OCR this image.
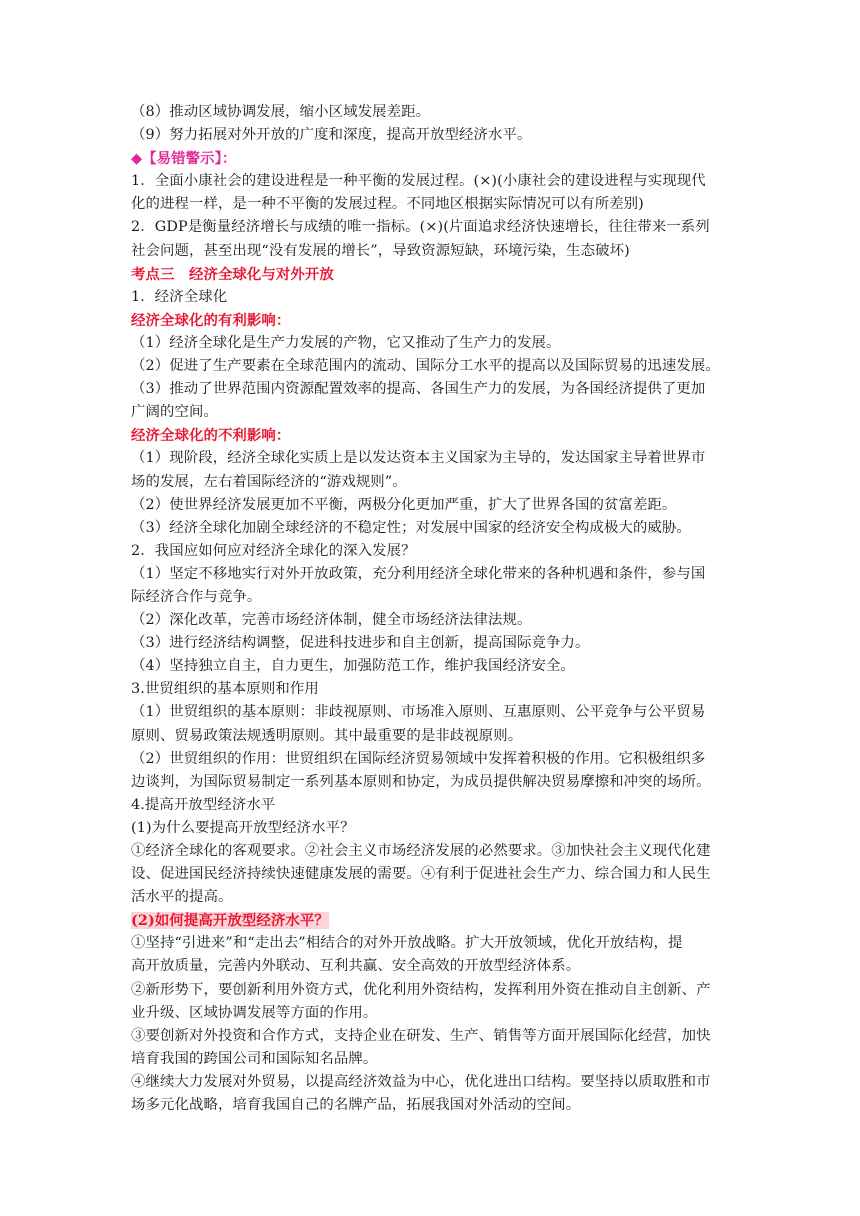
（8）推动区域协调发展，缩小区域发展差距。
（9）努力拓展对外开放的广度和深度，提高开放型经济水平。
◆【易错警示】：
1．全面小康社会的建设进程是一种平衡的发展过程。(×)(小康社会的建设进程与实现现代
化的进程一样，是一种不平衡的发展过程。不同地区根据实际情况可以有所差别)
2．GDP是衡量经济增长与成绩的唯一指标。(×)(片面追求经济快速增长，往往带来一系列
社会问题，甚至出现“没有发展的增长”，导致资源短缺，环境污染，生态破坏)
考点三　经济全球化与对外开放
1．经济全球化
经济全球化的有利影响：
（1）经济全球化是生产力发展的产物，它又推动了生产力的发展。
（2）促进了生产要素在全球范围内的流动、国际分工水平的提高以及国际贸易的迅速发展。
（3）推动了世界范围内资源配置效率的提高、各国生产力的发展，为各国经济提供了更加
广阔的空间。
经济全球化的不利影响：
（1）现阶段，经济全球化实质上是以发达资本主义国家为主导的，发达国家主导着世界市
场的发展，左右着国际经济的“游戏规则”。
（2）使世界经济发展更加不平衡，两极分化更加严重，扩大了世界各国的贫富差距。
（3）经济全球化加剧全球经济的不稳定性；对发展中国家的经济安全构成极大的威胁。
2．我国应如何应对经济全球化的深入发展？
（1）坚定不移地实行对外开放政策，充分利用经济全球化带来的各种机遇和条件，参与国
际经济合作与竞争。
（2）深化改革，完善市场经济体制，健全市场经济法律法规。
（3）进行经济结构调整，促进科技进步和自主创新，提高国际竞争力。
（4）坚持独立自主，自力更生，加强防范工作，维护我国经济安全。
3.世贸组织的基本原则和作用
（1）世贸组织的基本原则：非歧视原则、市场准入原则、互惠原则、公平竞争与公平贸易
原则、贸易政策法规透明原则。其中最重要的是非歧视原则。
（2）世贸组织的作用：世贸组织在国际经济贸易领域中发挥着积极的作用。它积极组织多
边谈判，为国际贸易制定一系列基本原则和协定，为成员提供解决贸易摩擦和冲突的场所。
4.提高开放型经济水平
(1)为什么要提高开放型经济水平？
①经济全球化的客观要求。②社会主义市场经济发展的必然要求。③加快社会主义现代化建
设、促进国民经济持续快速健康发展的需要。④有利于促进社会生产力、综合国力和人民生
活水平的提高。
(2)如何提高开放型经济水平？
①坚持“引进来”和“走出去”相结合的对外开放战略。扩大开放领域，优化开放结构，提
高开放质量，完善内外联动、互利共赢、安全高效的开放型经济体系。
②新形势下，要创新利用外资方式，优化利用外资结构，发挥利用外资在推动自主创新、产
业升级、区域协调发展等方面的作用。
③要创新对外投资和合作方式，支持企业在研发、生产、销售等方面开展国际化经营，加快
培育我国的跨国公司和国际知名品牌。
④继续大力发展对外贸易，以提高经济效益为中心，优化进出口结构。要坚持以质取胜和市
场多元化战略，培育我国自己的名牌产品，拓展我国对外活动的空间。
